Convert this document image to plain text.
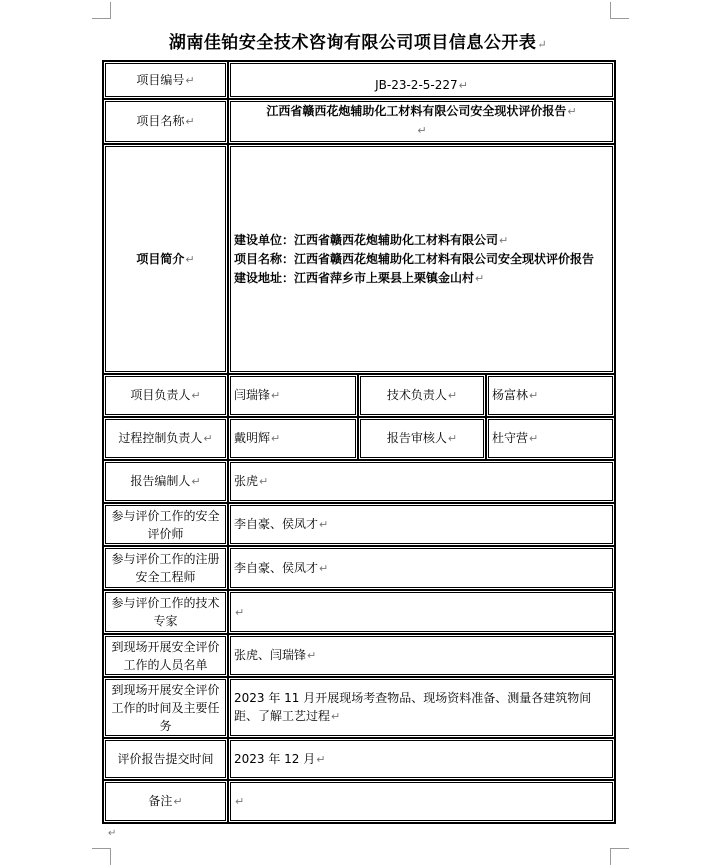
湖南佳铂安全技术咨询有限公司项目信息公开表↵
项目编号↵	JB-23-2-5-227↵		
项目名称↵	江西省赣西花炮辅助化工材料有限公司安全现状评价报告↵
↵		
项目简介↵	建设单位：江西省赣西花炮辅助化工材料有限公司↵

项目名称：江西省赣西花炮辅助化工材料有限公司安全现状评价报告

建设地址：江西省萍乡市上栗县上栗镇金山村↵		

项目负责人↵	闫瑞锋↵	技术负责人↵	杨富林↵
过程控制负责人↵	戴明辉↵	报告审核人↵	杜守营↵
报告编制人↵	张虎↵		
参与评价工作的安全评价师	李自豪、侯凤才↵		
参与评价工作的注册安全工程师	李自豪、侯凤才↵		
参与评价工作的技术专家	↵		
到现场开展安全评价工作的人员名单	张虎、闫瑞锋↵		
到现场开展安全评价工作的时间及主要任务	2023 年 11 月开展现场考查物品、现场资料准备、测量各建筑物间距、了解工艺过程↵		
评价报告提交时间	2023 年 12 月↵		
备注↵	↵		
↵
